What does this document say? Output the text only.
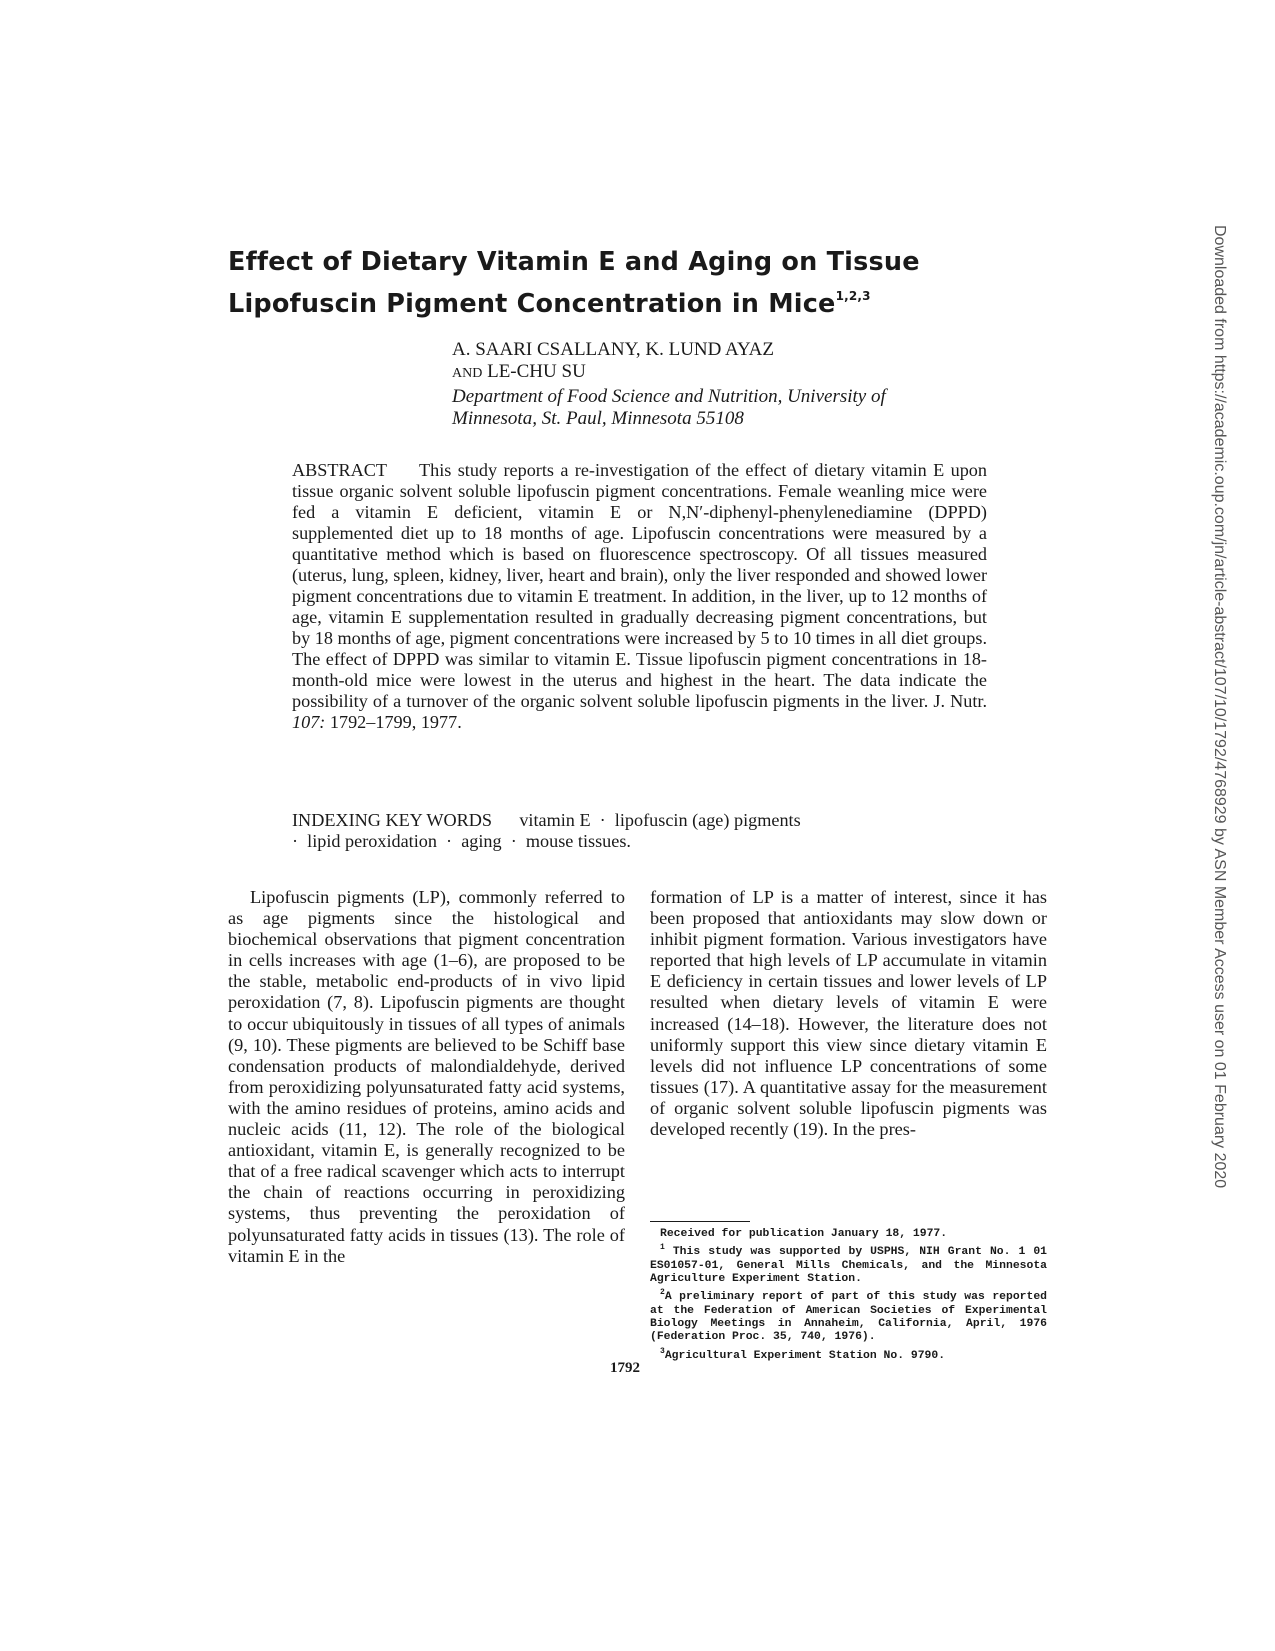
Effect of Dietary Vitamin E and Aging on Tissue
Lipofuscin Pigment Concentration in Mice$^{1,2,3}$
A. SAARI CSALLANY, K. LUND AYAZ
AND LE-CHU SU
Department of Food Science and Nutrition, University of
Minnesota, St. Paul, Minnesota 55108
ABSTRACT This study reports a re-investigation of the effect of dietary vitamin E upon tissue organic solvent soluble lipofuscin pigment concentrations. Female weanling mice were fed a vitamin E deficient, vitamin E or N,N′-diphenyl-phenylenediamine (DPPD) supplemented diet up to 18 months of age. Lipofuscin concentrations were measured by a quantitative method which is based on fluorescence spectroscopy. Of all tissues measured (uterus, lung, spleen, kidney, liver, heart and brain), only the liver responded and showed lower pigment concentrations due to vitamin E treatment. In addition, in the liver, up to 12 months of age, vitamin E supplementation resulted in gradually decreasing pigment concentrations, but by 18 months of age, pigment concentrations were increased by 5 to 10 times in all diet groups. The effect of DPPD was similar to vitamin E. Tissue lipofuscin pigment concentrations in 18-month-old mice were lowest in the uterus and highest in the heart. The data indicate the possibility of a turnover of the organic solvent soluble lipofuscin pigments in the liver. J. Nutr. 107: 1792–1799, 1977.
INDEXING KEY WORDS      vitamin E  ·  lipofuscin (age) pigments
·  lipid peroxidation  ·  aging  ·  mouse tissues.

Lipofuscin pigments (LP), commonly referred to as age pigments since the histological and biochemical observations that pigment concentration in cells increases with age (1–6), are proposed to be the stable, metabolic end-products of in vivo lipid peroxidation (7, 8). Lipofuscin pigments are thought to occur ubiquitously in tissues of all types of animals (9, 10). These pigments are believed to be Schiff base condensation products of malondialdehyde, derived from peroxidizing polyunsaturated fatty acid systems, with the amino residues of proteins, amino acids and nucleic acids (11, 12). The role of the biological antioxidant, vitamin E, is generally recognized to be that of a free radical scavenger which acts to interrupt the chain of reactions occurring in peroxidizing systems, thus preventing the peroxidation of polyunsaturated fatty acids in tissues (13). The role of vitamin E in the

formation of LP is a matter of interest, since it has been proposed that antioxidants may slow down or inhibit pigment formation. Various investigators have reported that high levels of LP accumulate in vitamin E deficiency in certain tissues and lower levels of LP resulted when dietary levels of vitamin E were increased (14–18). However, the literature does not uniformly support this view since dietary vitamin E levels did not influence LP concentrations of some tissues (17). A quantitative assay for the measurement of organic solvent soluble lipofuscin pigments was developed recently (19). In the pres-

Received for publication January 18, 1977.

$^1$ This study was supported by USPHS, NIH Grant No. 1 01 ES01057-01, General Mills Chemicals, and the Minnesota Agriculture Experiment Station.

$^2$A preliminary report of part of this study was reported at the Federation of American Societies of Experimental Biology Meetings in Annaheim, California, April, 1976 (Federation Proc. 35, 740, 1976).

$^3$Agricultural Experiment Station No. 9790.

1792
Downloaded from https://academic.oup.com/jn/article-abstract/107/10/1792/4768929 by ASN Member Access user on 01 February 2020
